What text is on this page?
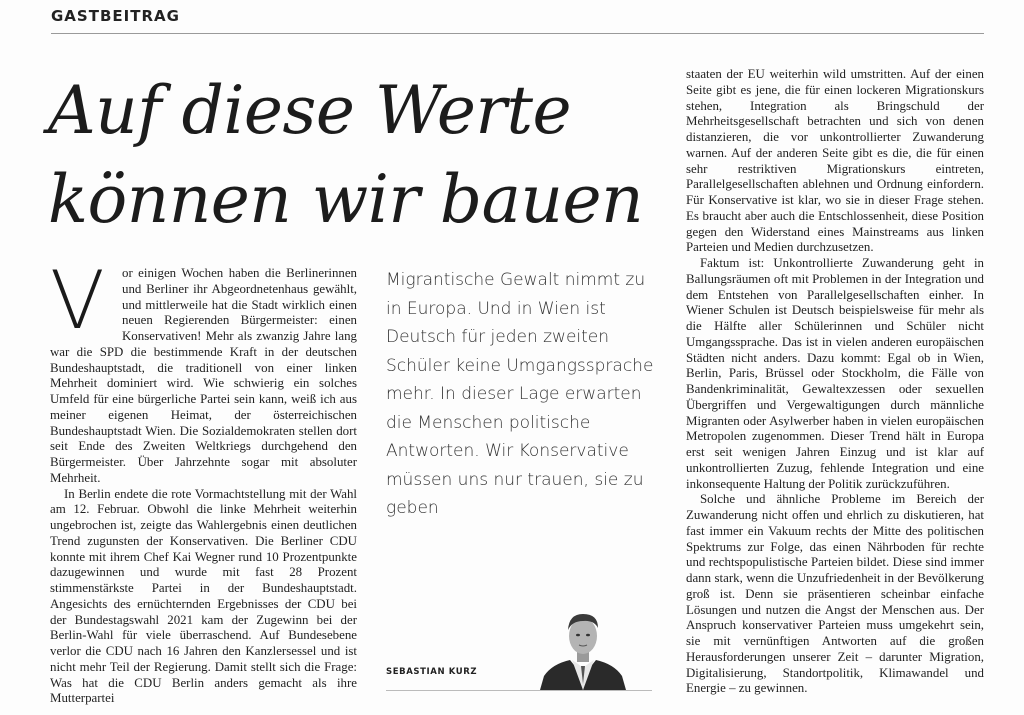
GASTBEITRAG
Auf diese Werte
können wir bauen

V	or einigen Wochen haben die Berlinerinnen und Berliner ihr Abgeordnetenhaus gewählt, und mittlerweile hat die Stadt wirklich einen neuen Regierenden Bürgermeister: einen Konservativen! Mehr als zwanzig Jahre lang war die SPD die bestimmende Kraft in der deutschen Bundeshauptstadt, die traditionell von einer linken Mehrheit dominiert wird. Wie schwierig ein solches Umfeld für eine bürgerliche Partei sein kann, weiß ich aus meiner eigenen Heimat, der österreichischen Bundeshauptstadt Wien. Die Sozialdemokraten stellen dort seit Ende des Zweiten Weltkriegs durchgehend den Bürgermeister. Über Jahrzehnte sogar mit absoluter Mehrheit.

In Berlin endete die rote Vormachtstellung mit der Wahl am 12. Februar. Obwohl die linke Mehrheit weiterhin ungebrochen ist, zeigte das Wahlergebnis einen deutlichen Trend zugunsten der Konservativen. Die Berliner CDU konnte mit ihrem Chef Kai Wegner rund 10 Prozentpunkte dazugewinnen und wurde mit fast 28 Prozent stimmenstärkste Partei in der Bundeshauptstadt. Angesichts des ernüchternden Ergebnisses der CDU bei der Bundestagswahl 2021 kam der Zugewinn bei der Berlin-Wahl für viele überraschend. Auf Bundesebene verlor die CDU nach 16 Jahren den Kanzlersessel und ist nicht mehr Teil der Regierung. Damit stellt sich die Frage: Was hat die CDU Berlin anders gemacht als ihre Mutterpartei

Migrantische Gewalt nimmt zu in Europa. Und in Wien ist Deutsch für jeden zweiten Schüler keine Umgangssprache mehr. In dieser Lage erwarten die Menschen politische Antworten. Wir Konservative müssen uns nur trauen, sie zu geben

SEBASTIAN KURZ

staaten der EU weiterhin wild umstritten. Auf der einen Seite gibt es jene, die für einen lockeren Migrationskurs stehen, Integration als Bringschuld der Mehrheitsgesellschaft betrachten und sich von denen distanzieren, die vor unkontrollierter Zuwanderung warnen. Auf der anderen Seite gibt es die, die für einen sehr restriktiven Migrationskurs eintreten, Parallelgesellschaften ablehnen und Ordnung einfordern. Für Konservative ist klar, wo sie in dieser Frage stehen. Es braucht aber auch die Entschlossenheit, diese Position gegen den Widerstand eines Mainstreams aus linken Parteien und Medien durchzusetzen.

Faktum ist: Unkontrollierte Zuwanderung geht in Ballungsräumen oft mit Problemen in der Integration und dem Entstehen von Parallelgesellschaften einher. In Wiener Schulen ist Deutsch beispielsweise für mehr als die Hälfte aller Schülerinnen und Schüler nicht Umgangssprache. Das ist in vielen anderen europäischen Städten nicht anders. Dazu kommt: Egal ob in Wien, Berlin, Paris, Brüssel oder Stockholm, die Fälle von Bandenkriminalität, Gewaltexzessen oder sexuellen Übergriffen und Vergewaltigungen durch männliche Migranten oder Asylwerber haben in vielen europäischen Metropolen zugenommen. Dieser Trend hält in Europa erst seit wenigen Jahren Einzug und ist klar auf unkontrollierten Zuzug, fehlende Integration und eine inkonsequente Haltung der Politik zurückzuführen.

Solche und ähnliche Probleme im Bereich der Zuwanderung nicht offen und ehrlich zu diskutieren, hat fast immer ein Vakuum rechts der Mitte des politischen Spektrums zur Folge, das einen Nährboden für rechte und rechtspopulistische Parteien bildet. Diese sind immer dann stark, wenn die Unzufriedenheit in der Bevölkerung groß ist. Denn sie präsentieren scheinbar einfache Lösungen und nutzen die Angst der Menschen aus. Der Anspruch konservativer Parteien muss umgekehrt sein, sie mit vernünftigen Antworten auf die großen Herausforderungen unserer Zeit – darunter Migration, Digitalisierung, Standortpolitik, Klimawandel und Energie – zu gewinnen.
